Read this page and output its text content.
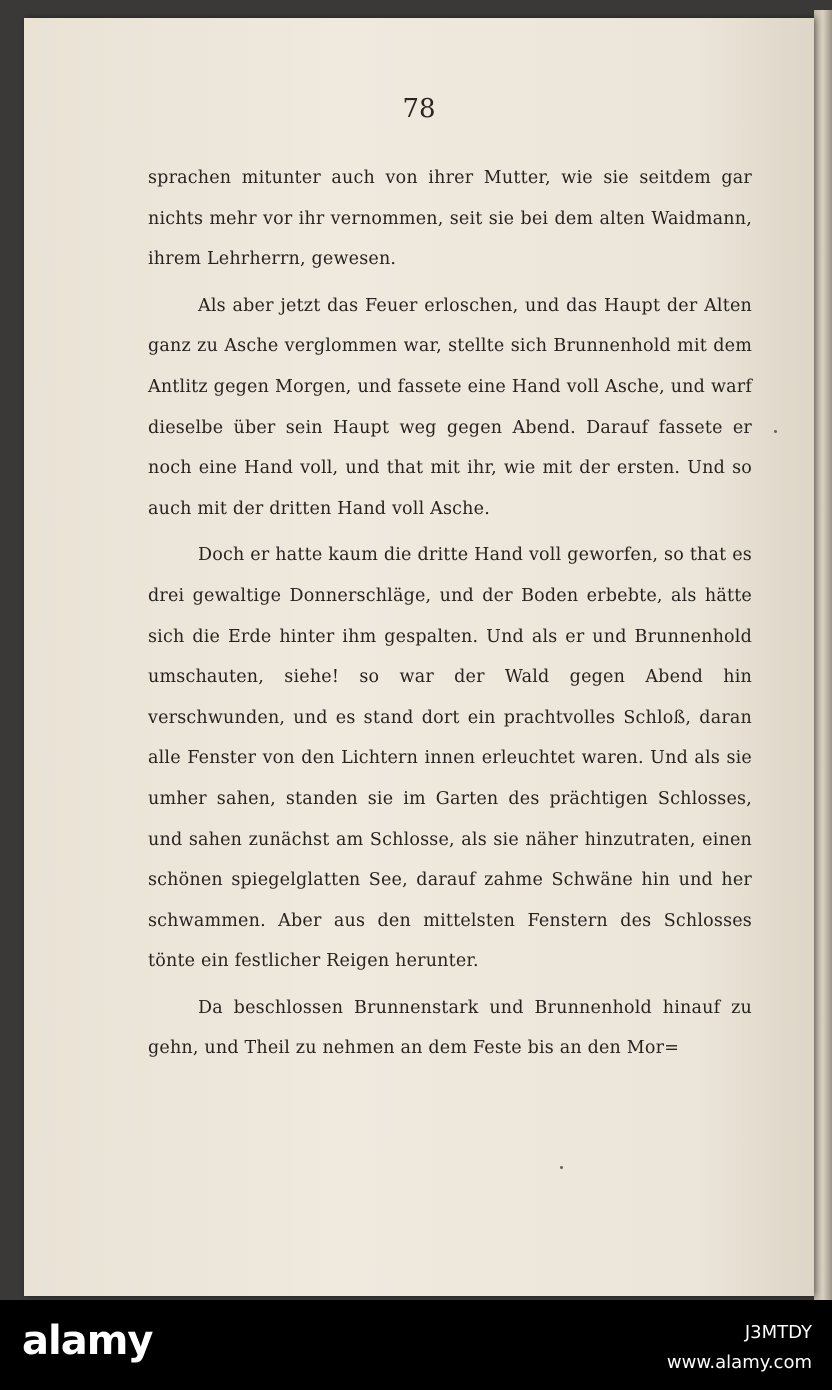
78

sprachen mitunter auch von ihrer Mutter, wie sie seitdem gar nichts mehr vor ihr vernommen, seit sie bei dem alten Waidmann, ihrem Lehrherrn, gewesen.

Als aber jetzt das Feuer erloschen, und das Haupt der Alten ganz zu Asche verglommen war, stellte sich Brunnenhold mit dem Antlitz gegen Morgen, und fassete eine Hand voll Asche, und warf dieselbe über sein Haupt weg gegen Abend. Darauf fassete er noch eine Hand voll, und that mit ihr, wie mit der ersten. Und so auch mit der dritten Hand voll Asche.

Doch er hatte kaum die dritte Hand voll geworfen, so that es drei gewaltige Donnerschläge, und der Boden erbebte, als hätte sich die Erde hinter ihm gespalten. Und als er und Brunnenhold umschauten, siehe! so war der Wald gegen Abend hin verschwunden, und es stand dort ein prachtvolles Schloß, daran alle Fenster von den Lichtern innen erleuchtet waren. Und als sie umher sahen, standen sie im Garten des prächtigen Schlosses, und sahen zunächst am Schlosse, als sie näher hinzutraten, einen schönen spiegelglatten See, darauf zahme Schwäne hin und her schwammen. Aber aus den mittelsten Fenstern des Schlosses tönte ein festlicher Reigen herunter.

Da beschlossen Brunnenstark und Brunnenhold hinauf zu gehn, und Theil zu nehmen an dem Feste bis an den Mor=

alamy	J3MTDY
www.alamy.com
